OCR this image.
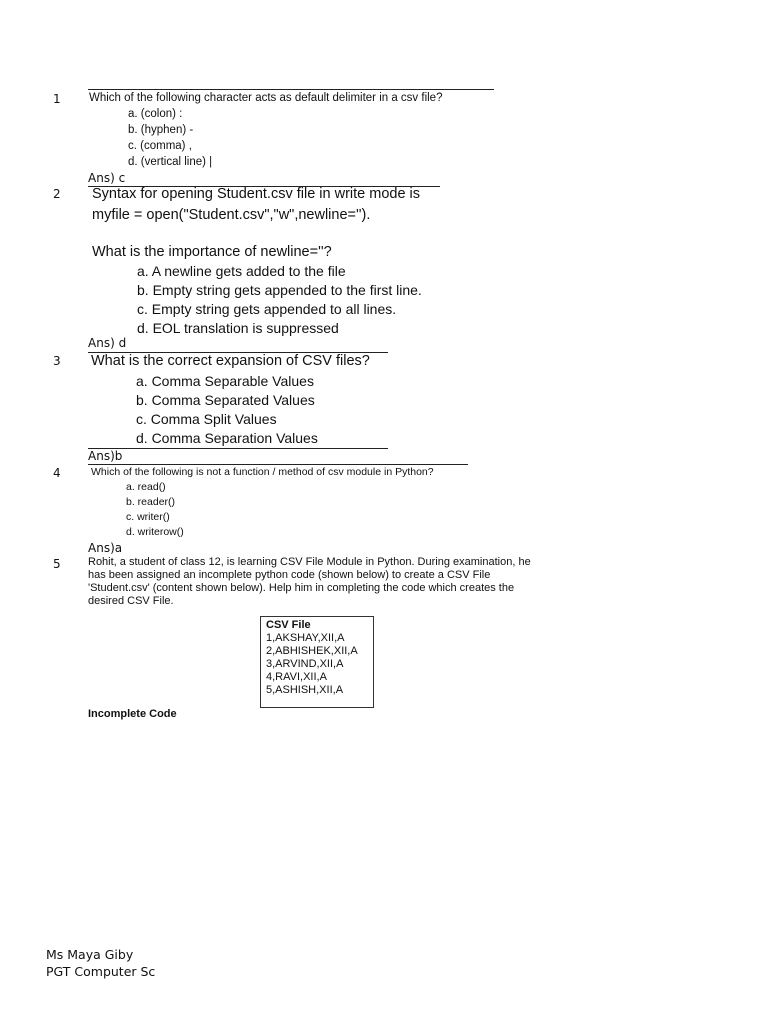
1 Which of the following character acts as default delimiter in a csv file?
a. (colon) :
b. (hyphen) -
c. (comma) ,
d. (vertical line) |
Ans) c
2 Syntax for opening Student.csv file in write mode is
myfile = open("Student.csv","w",newline='').
What is the importance of newline=''?
a. A newline gets added to the file
b. Empty string gets appended to the first line.
c. Empty string gets appended to all lines.
d. EOL translation is suppressed
Ans) d
3 What is the correct expansion of CSV files?
a. Comma Separable Values
b. Comma Separated Values
c. Comma Split Values
d. Comma Separation Values
Ans)b
4	Which of the following is not a function / method of csv module in Python?
a. read()
b. reader()
c. writer()
d. writerow()
Ans)a
5 Rohit, a student of class 12, is learning CSV File Module in Python. During examination, he has been assigned an incomplete python code (shown below) to create a CSV File 'Student.csv' (content shown below). Help him in completing the code which creates the desired CSV File.
CSV File
1,AKSHAY,XII,A
2,ABHISHEK,XII,A
3,ARVIND,XII,A
4,RAVI,XII,A
5,ASHISH,XII,A
Incomplete Code
Ms Maya Giby
PGT Computer Sc
